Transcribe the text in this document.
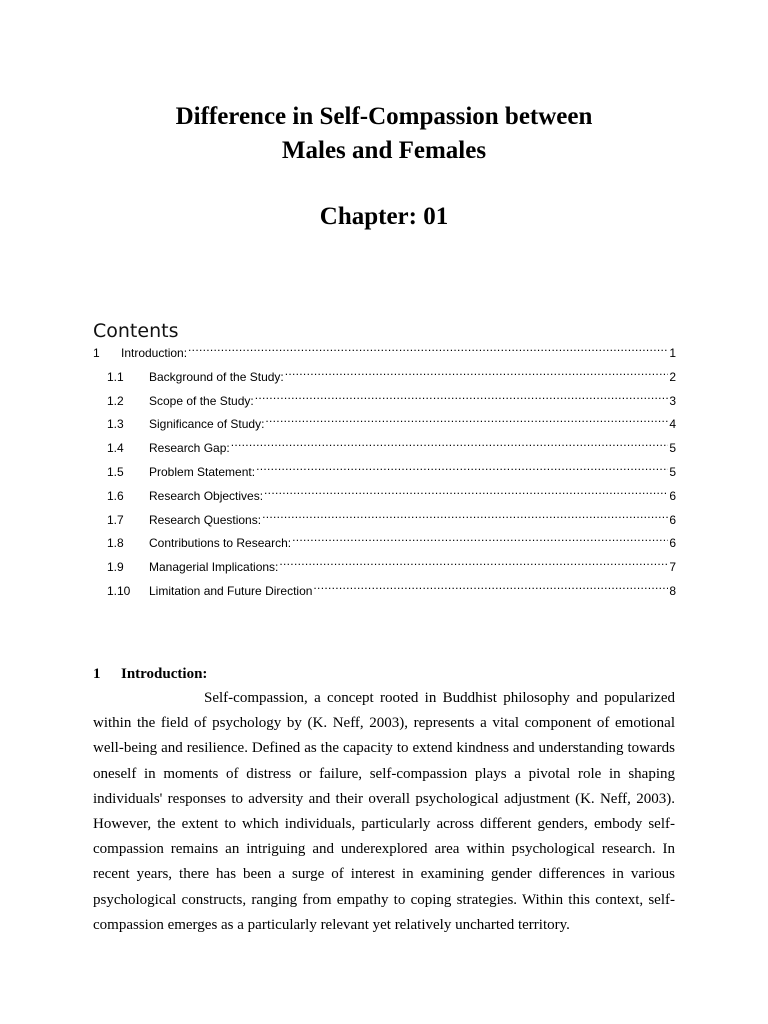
Difference in Self-Compassion between
Males and Females
Chapter: 01
Contents
1	Introduction: .....	1
1.1	Background of the Study: .....	2
1.2	Scope of the Study: .....	3
1.3	Significance of Study: .....	4
1.4	Research Gap: .....	5
1.5	Problem Statement: .....	5
1.6	Research Objectives: .....	6
1.7	Research Questions: .....	6
1.8	Contributions to Research: .....	6
1.9	Managerial Implications: .....	7
1.10	Limitation and Future Direction .....	8
1 Introduction:

Self-compassion, a concept rooted in Buddhist philosophy and popularized within the field of psychology by (K. Neff, 2003), represents a vital component of emotional well-being and resilience. Defined as the capacity to extend kindness and understanding towards oneself in moments of distress or failure, self-compassion plays a pivotal role in shaping individuals' responses to adversity and their overall psychological adjustment (K. Neff, 2003). However, the extent to which individuals, particularly across different genders, embody self-compassion remains an intriguing and underexplored area within psychological research. In recent years, there has been a surge of interest in examining gender differences in various psychological constructs, ranging from empathy to coping strategies. Within this context, self-compassion emerges as a particularly relevant yet relatively uncharted territory.
